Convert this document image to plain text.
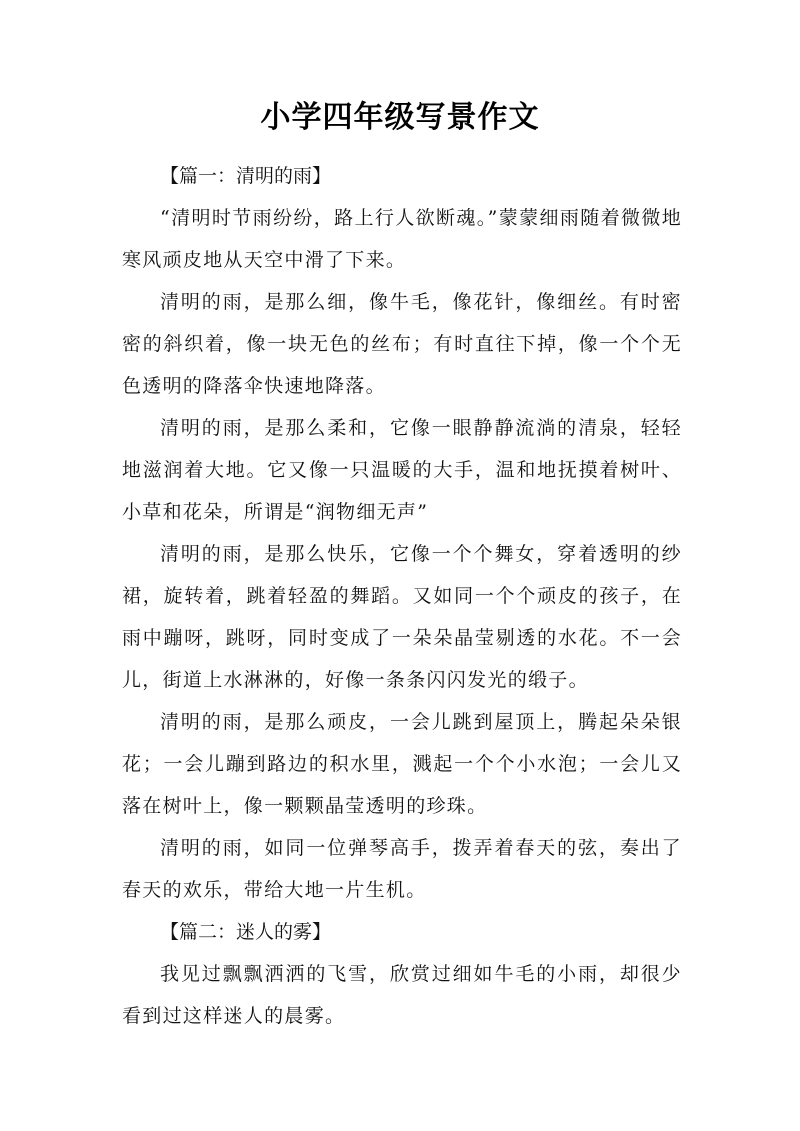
小学四年级写景作文
【篇一：清明的雨】

“清明时节雨纷纷，路上行人欲断魂。”蒙蒙细雨随着微微地寒风顽皮地从天空中滑了下来。

清明的雨，是那么细，像牛毛，像花针，像细丝。有时密密的斜织着，像一块无色的丝布；有时直往下掉，像一个个无色透明的降落伞快速地降落。

清明的雨，是那么柔和，它像一眼静静流淌的清泉，轻轻地滋润着大地。它又像一只温暖的大手，温和地抚摸着树叶、小草和花朵，所谓是“润物细无声”

清明的雨，是那么快乐，它像一个个舞女，穿着透明的纱裙，旋转着，跳着轻盈的舞蹈。又如同一个个顽皮的孩子，在雨中蹦呀，跳呀，同时变成了一朵朵晶莹剔透的水花。不一会儿，街道上水淋淋的，好像一条条闪闪发光的缎子。

清明的雨，是那么顽皮，一会儿跳到屋顶上，腾起朵朵银花；一会儿蹦到路边的积水里，溅起一个个小水泡；一会儿又落在树叶上，像一颗颗晶莹透明的珍珠。

清明的雨，如同一位弹琴高手，拨弄着春天的弦，奏出了春天的欢乐，带给大地一片生机。

【篇二：迷人的雾】

我见过飘飘洒洒的飞雪，欣赏过细如牛毛的小雨，却很少看到过这样迷人的晨雾。
